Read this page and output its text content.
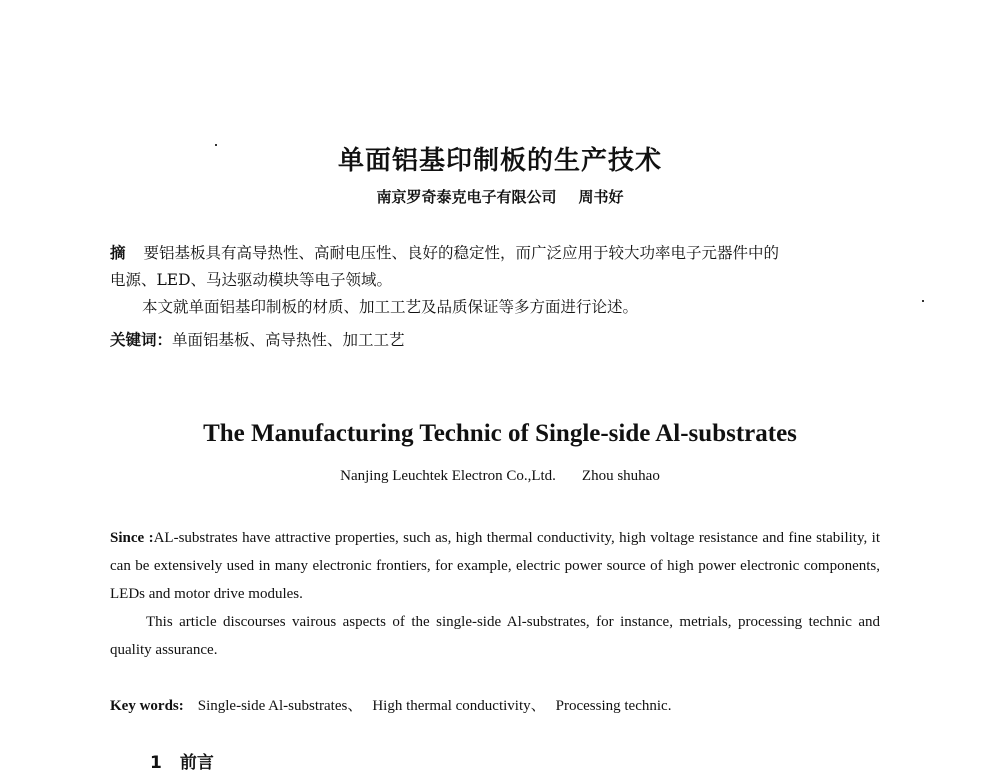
单面铝基印制板的生产技术
南京罗奇泰克电子有限公司 周书好
摘 要铝基板具有高导热性、高耐电压性、良好的稳定性，而广泛应用于较大功率电子元器件中的
电源、LED、马达驱动模块等电子领域。
本文就单面铝基印制板的材质、加工工艺及品质保证等多方面进行论述。
关键词：单面铝基板、高导热性、加工工艺
The Manufacturing Technic of Single-side Al-substrates
Nanjing Leuchtek Electron Co.,Ltd. Zhou shuhao
Since :AL-substrates have attractive properties, such as, high thermal conductivity, high voltage resistance and fine stability, it can be extensively used in many electronic frontiers, for example, electric power source of high power electronic components, LEDs and motor drive modules.
This article discourses vairous aspects of the single-side Al-substrates, for instance, metrials, processing technic and quality assurance.
Key words: Single-side Al-substrates、 High thermal conductivity、 Processing technic.
1 前言
